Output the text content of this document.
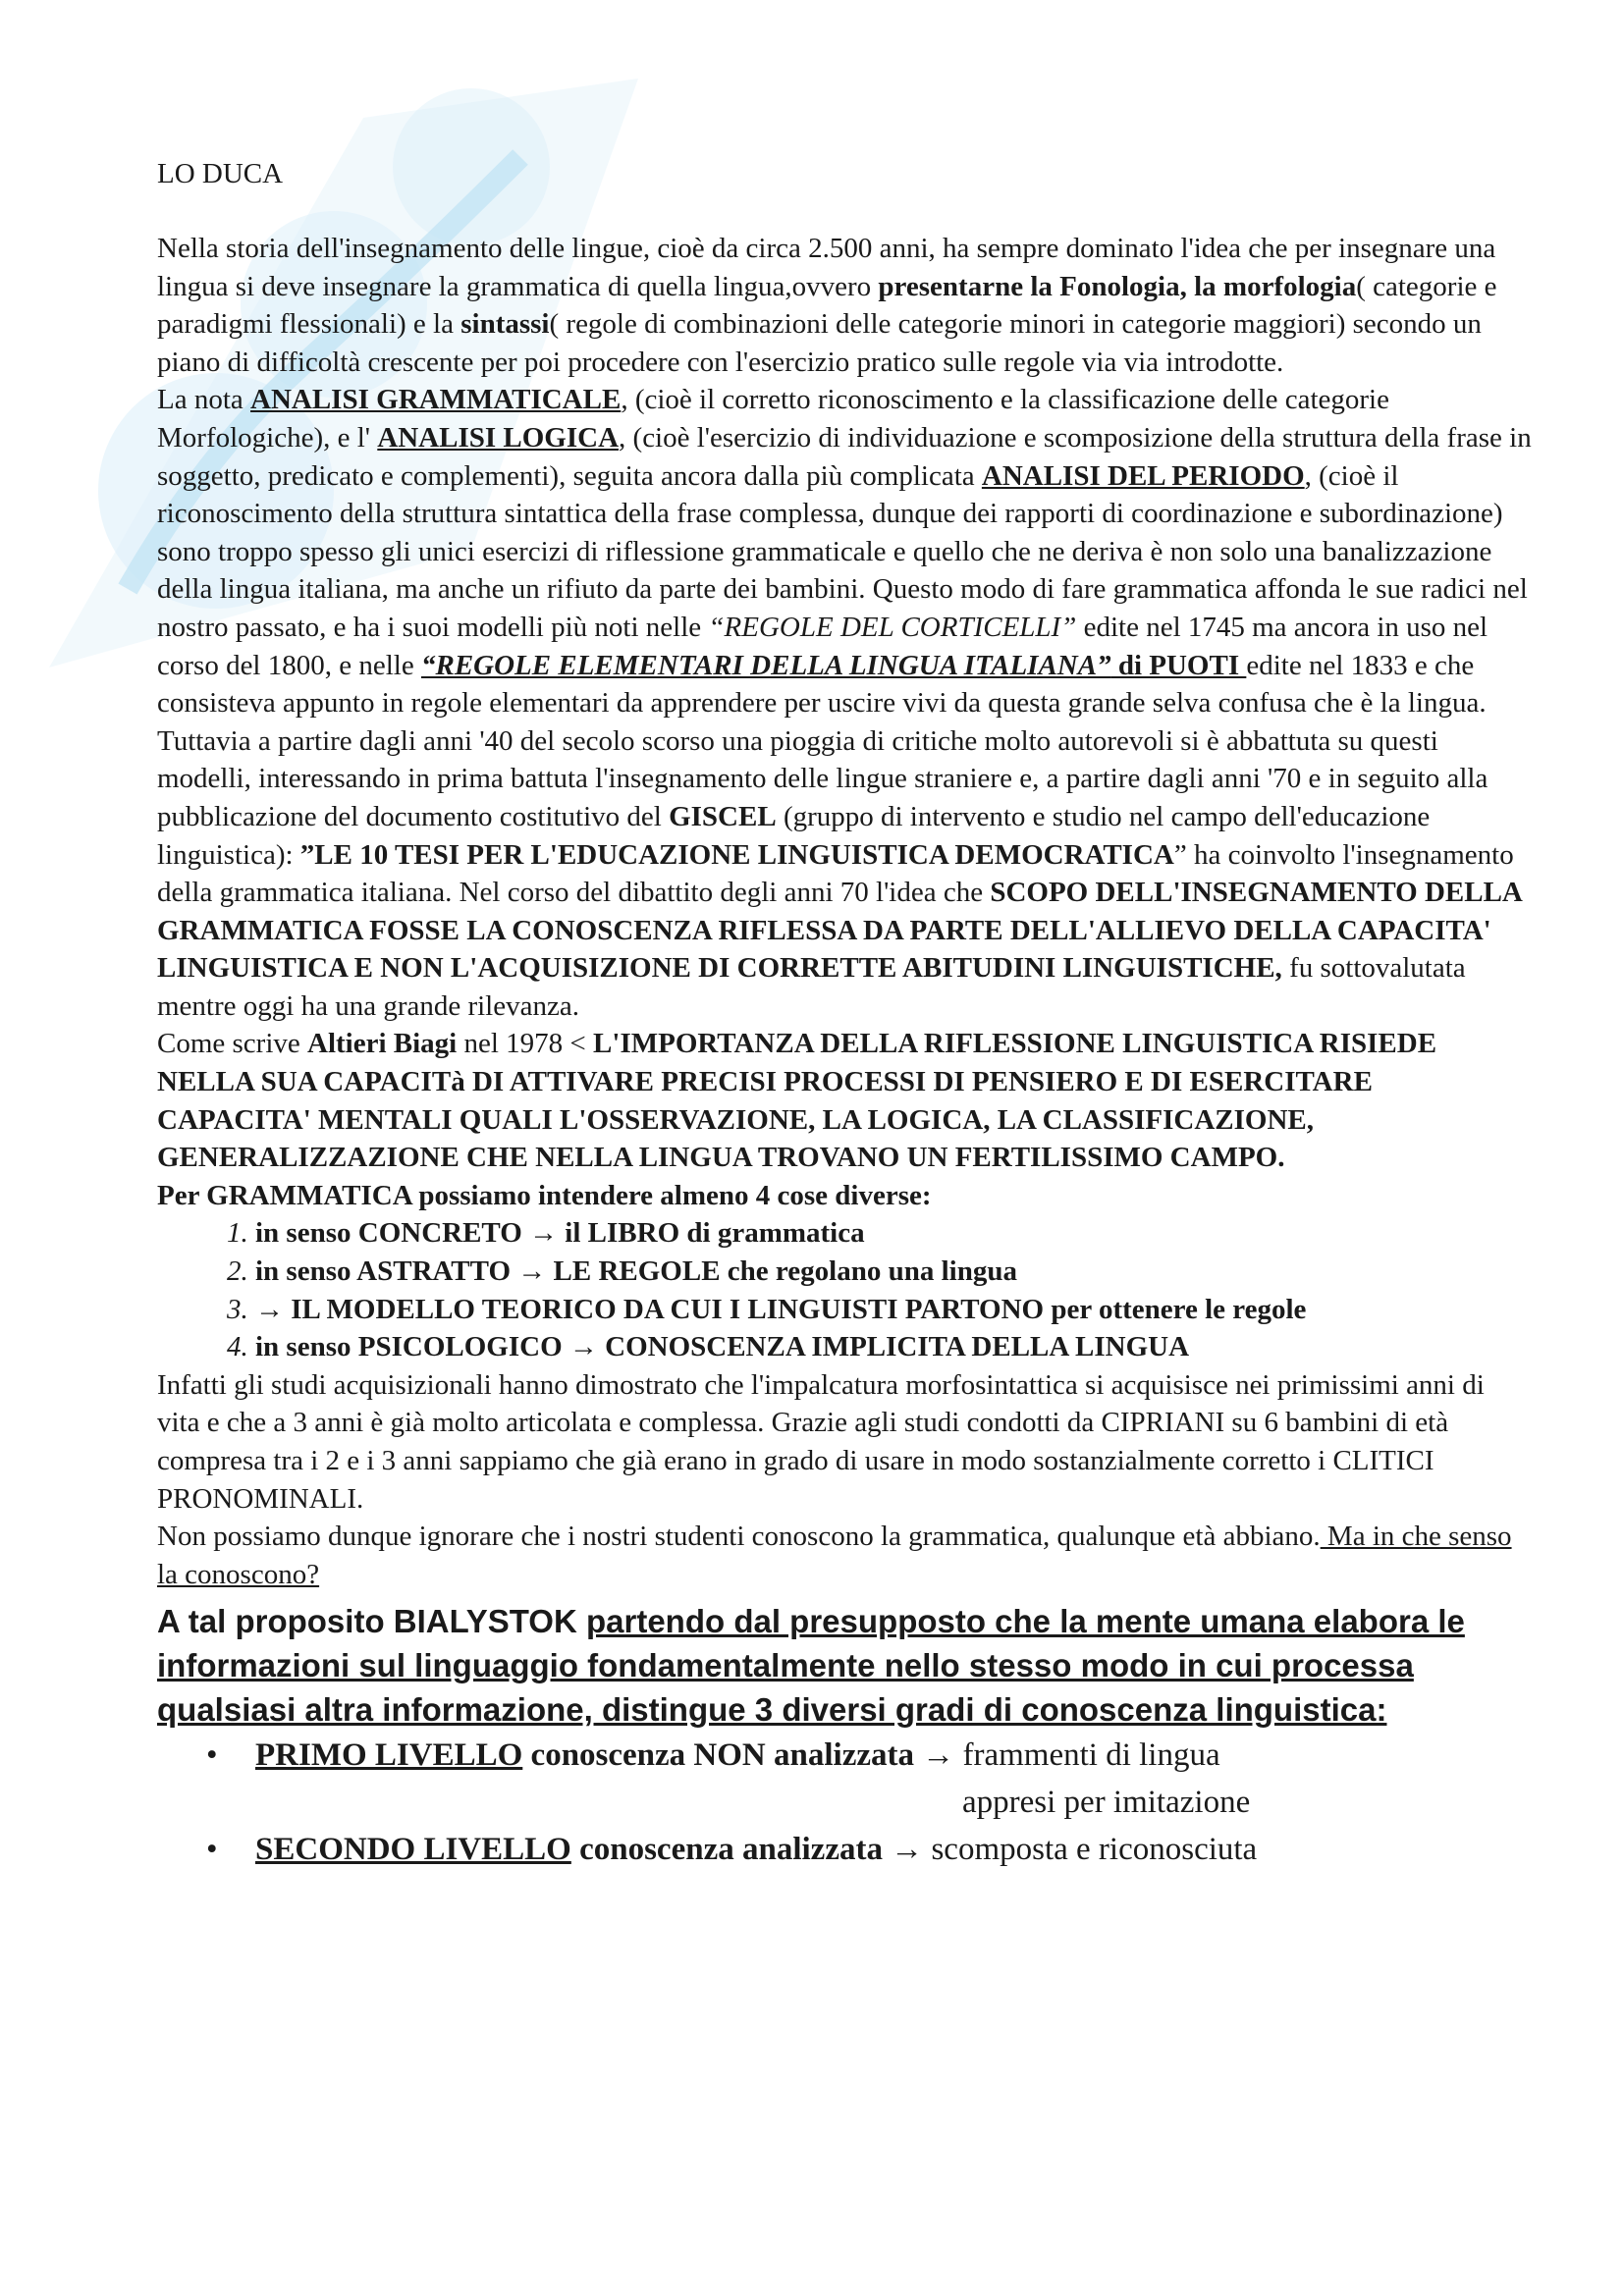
LO DUCA

Nella storia dell'insegnamento delle lingue, cioè da circa 2.500 anni, ha sempre dominato l'idea che per insegnare una lingua si deve insegnare la grammatica di quella lingua,ovvero presentarne la Fonologia, la morfologia( categorie e paradigmi flessionali) e la sintassi( regole di combinazioni delle categorie minori in categorie maggiori) secondo un piano di difficoltà crescente per poi procedere con l'esercizio pratico sulle regole via via introdotte.

La nota ANALISI GRAMMATICALE, (cioè il corretto riconoscimento e la classificazione delle categorie Morfologiche), e l' ANALISI LOGICA, (cioè l'esercizio di individuazione e scomposizione della struttura della frase in soggetto, predicato e complementi), seguita ancora dalla più complicata ANALISI DEL PERIODO, (cioè il riconoscimento della struttura sintattica della frase complessa, dunque dei rapporti di coordinazione e subordinazione) sono troppo spesso gli unici esercizi di riflessione grammaticale e quello che ne deriva è non solo una banalizzazione della lingua italiana, ma anche un rifiuto da parte dei bambini. Questo modo di fare grammatica affonda le sue radici nel nostro passato, e ha i suoi modelli più noti nelle “REGOLE DEL CORTICELLI” edite nel 1745 ma ancora in uso nel corso del 1800, e nelle “REGOLE ELEMENTARI DELLA LINGUA ITALIANA” di PUOTI edite nel 1833 e che consisteva appunto in regole elementari da apprendere per uscire vivi da questa grande selva confusa che è la lingua.

Tuttavia a partire dagli anni '40 del secolo scorso una pioggia di critiche molto autorevoli si è abbattuta su questi modelli, interessando in prima battuta l'insegnamento delle lingue straniere e, a partire dagli anni '70 e in seguito alla pubblicazione del documento costitutivo del GISCEL (gruppo di intervento e studio nel campo dell'educazione linguistica): ”LE 10 TESI PER L'EDUCAZIONE LINGUISTICA DEMOCRATICA” ha coinvolto l'insegnamento della grammatica italiana. Nel corso del dibattito degli anni 70 l'idea che SCOPO DELL'INSEGNAMENTO DELLA GRAMMATICA FOSSE LA CONOSCENZA RIFLESSA DA PARTE DELL'ALLIEVO DELLA CAPACITA' LINGUISTICA E NON L'ACQUISIZIONE DI CORRETTE ABITUDINI LINGUISTICHE, fu sottovalutata mentre oggi ha una grande rilevanza.

Come scrive Altieri Biagi nel 1978 < L'IMPORTANZA DELLA RIFLESSIONE LINGUISTICA RISIEDE NELLA SUA CAPACITà DI ATTIVARE PRECISI PROCESSI DI PENSIERO E DI ESERCITARE CAPACITA' MENTALI QUALI L'OSSERVAZIONE, LA LOGICA, LA CLASSIFICAZIONE, GENERALIZZAZIONE CHE NELLA LINGUA TROVANO UN FERTILISSIMO CAMPO.

Per GRAMMATICA possiamo intendere almeno 4 cose diverse:

1. in senso CONCRETO → il LIBRO di grammatica
2. in senso ASTRATTO → LE REGOLE che regolano una lingua
3. → IL MODELLO TEORICO DA CUI I LINGUISTI PARTONO per ottenere le regole
4. in senso PSICOLOGICO → CONOSCENZA IMPLICITA DELLA LINGUA

Infatti gli studi acquisizionali hanno dimostrato che l'impalcatura morfosintattica si acquisisce nei primissimi anni di vita e che a 3 anni è già molto articolata e complessa. Grazie agli studi condotti da CIPRIANI su 6 bambini di età compresa tra i 2 e i 3 anni sappiamo che già erano in grado di usare in modo sostanzialmente corretto i CLITICI PRONOMINALI.
Non possiamo dunque ignorare che i nostri studenti conoscono la grammatica, qualunque età abbiano. Ma in che senso la conoscono?

A tal proposito BIALYSTOK partendo dal presupposto che la mente umana elabora le informazioni sul linguaggio fondamentalmente nello stesso modo in cui processa qualsiasi altra informazione, distingue 3 diversi gradi di conoscenza linguistica:

• PRIMO LIVELLO conoscenza NON analizzata → frammenti di lingua
appresi per imitazione
• SECONDO LIVELLO conoscenza analizzata → scomposta e riconosciuta
